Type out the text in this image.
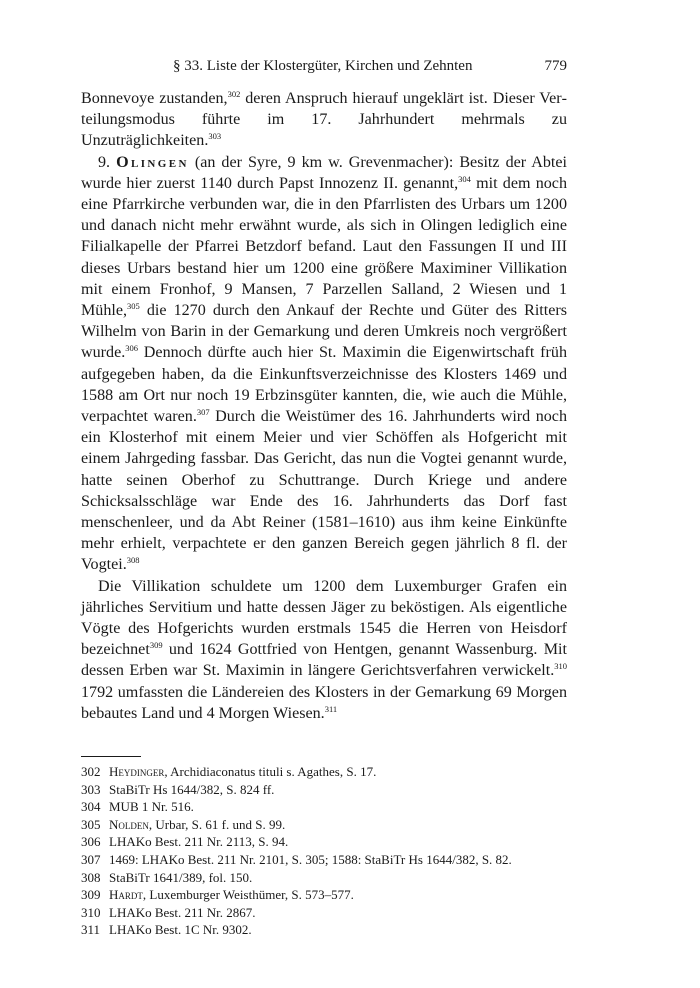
§ 33. Liste der Klostergüter, Kirchen und Zehnten	779

Bonnevoye zustanden,$^{302}$ deren Anspruch hierauf ungeklärt ist. Dieser Verteilungsmodus führte im 17. Jahrhundert mehrmals zu Unzuträglichkeiten.$^{303}$

9. Olingen (an der Syre, 9 km w. Grevenmacher): Besitz der Abtei wurde hier zuerst 1140 durch Papst Innozenz II. genannt,$^{304}$ mit dem noch eine Pfarrkirche verbunden war, die in den Pfarrlisten des Urbars um 1200 und danach nicht mehr erwähnt wurde, als sich in Olingen lediglich eine Filialkapelle der Pfarrei Betzdorf befand. Laut den Fassungen II und III dieses Urbars bestand hier um 1200 eine größere Maximiner Villikation mit einem Fronhof, 9 Mansen, 7 Parzellen Salland, 2 Wiesen und 1 Mühle,$^{305}$ die 1270 durch den Ankauf der Rechte und Güter des Ritters Wilhelm von Barin in der Gemarkung und deren Umkreis noch vergrößert wurde.$^{306}$ Dennoch dürfte auch hier St. Maximin die Eigenwirtschaft früh aufgegeben haben, da die Einkunftsverzeichnisse des Klosters 1469 und 1588 am Ort nur noch 19 Erbzinsgüter kannten, die, wie auch die Mühle, verpachtet waren.$^{307}$ Durch die Weistümer des 16. Jahrhunderts wird noch ein Klosterhof mit einem Meier und vier Schöffen als Hofgericht mit einem Jahrgeding fassbar. Das Gericht, das nun die Vogtei genannt wurde, hatte seinen Oberhof zu Schuttrange. Durch Kriege und andere Schicksalsschläge war Ende des 16. Jahrhunderts das Dorf fast menschenleer, und da Abt Reiner (1581–1610) aus ihm keine Einkünfte mehr erhielt, verpachtete er den ganzen Bereich gegen jährlich 8 fl. der Vogtei.$^{308}$

Die Villikation schuldete um 1200 dem Luxemburger Grafen ein jährliches Servitium und hatte dessen Jäger zu beköstigen. Als eigentliche Vögte des Hofgerichts wurden erstmals 1545 die Herren von Heisdorf bezeichnet$^{309}$ und 1624 Gottfried von Hentgen, genannt Wassenburg. Mit dessen Erben war St. Maximin in längere Gerichtsverfahren verwickelt.$^{310}$ 1792 umfassten die Ländereien des Klosters in der Gemarkung 69 Morgen bebautes Land und 4 Morgen Wiesen.$^{311}$

302 Heydinger, Archidiaconatus tituli s. Agathes, S. 17.
303 StaBiTr Hs 1644/382, S. 824 ff.
304 MUB 1 Nr. 516.
305 Nolden, Urbar, S. 61 f. und S. 99.
306 LHAKo Best. 211 Nr. 2113, S. 94.
307 1469: LHAKo Best. 211 Nr. 2101, S. 305; 1588: StaBiTr Hs 1644/382, S. 82.
308 StaBiTr 1641/389, fol. 150.
309 Hardt, Luxemburger Weisthümer, S. 573–577.
310 LHAKo Best. 211 Nr. 2867.
311 LHAKo Best. 1C Nr. 9302.
